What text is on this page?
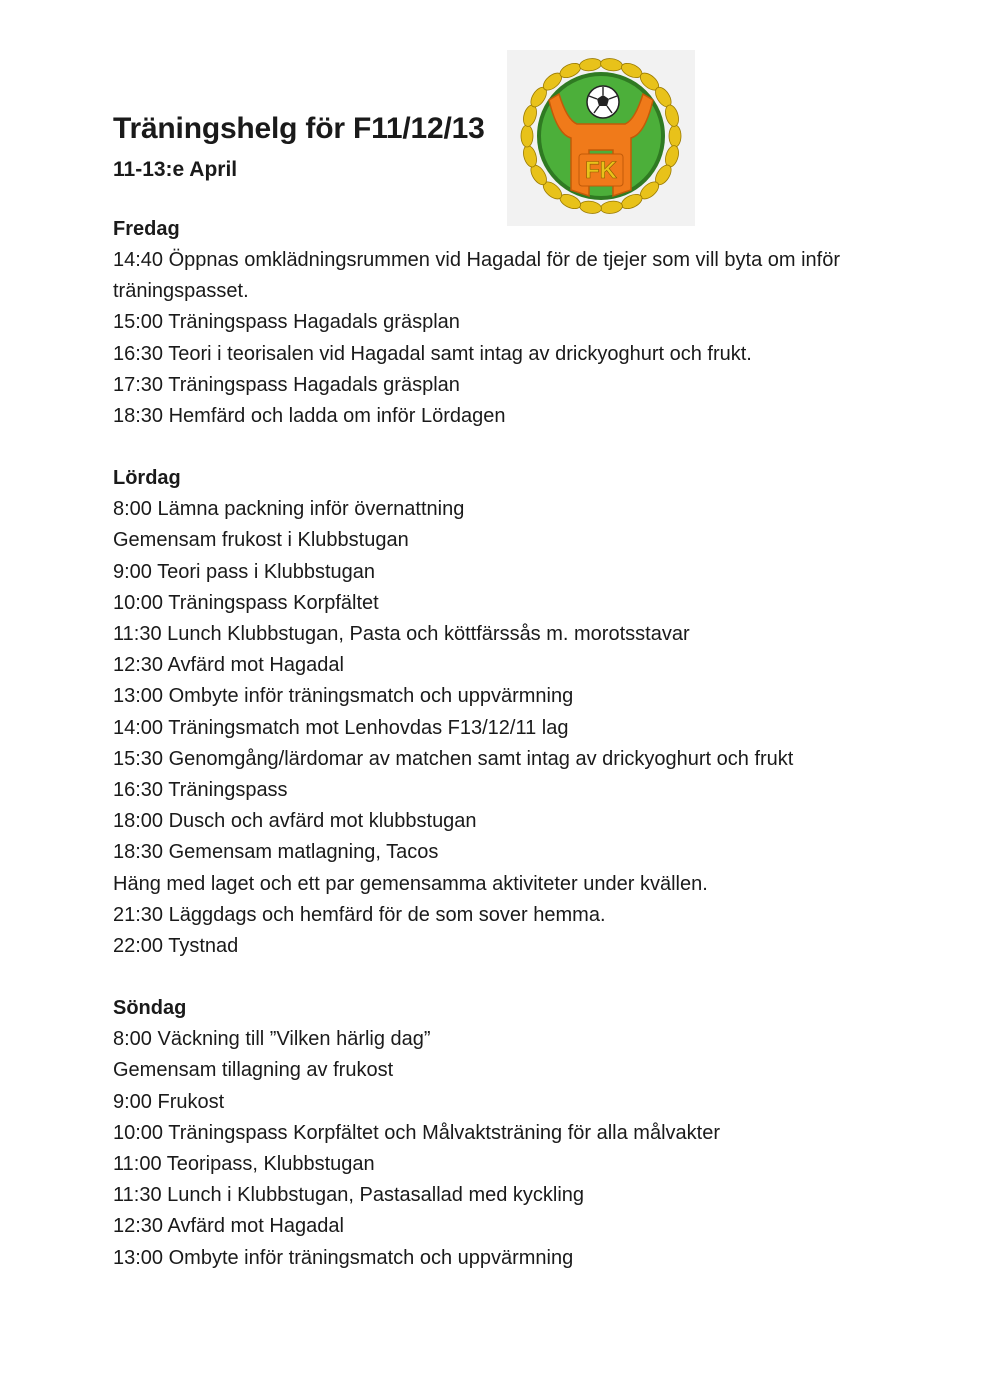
Träningshelg för F11/12/13
11-13:e April	FK
Fredag
14:40 Öppnas omklädningsrummen vid Hagadal för de tjejer som vill byta om inför träningspasset.
15:00 Träningspass Hagadals gräsplan
16:30 Teori i teorisalen vid Hagadal samt intag av drickyoghurt och frukt.
17:30 Träningspass Hagadals gräsplan
18:30 Hemfärd och ladda om inför Lördagen
Lördag
8:00 Lämna packning inför övernattning
Gemensam frukost i Klubbstugan
9:00 Teori pass i Klubbstugan
10:00 Träningspass Korpfältet
11:30 Lunch Klubbstugan, Pasta och köttfärssås m. morotsstavar
12:30 Avfärd mot Hagadal
13:00 Ombyte inför träningsmatch och uppvärmning
14:00 Träningsmatch mot Lenhovdas F13/12/11 lag
15:30 Genomgång/lärdomar av matchen samt intag av drickyoghurt och frukt
16:30 Träningspass
18:00 Dusch och avfärd mot klubbstugan
18:30 Gemensam matlagning, Tacos
Häng med laget och ett par gemensamma aktiviteter under kvällen.
21:30 Läggdags och hemfärd för de som sover hemma.
22:00 Tystnad
Söndag
8:00 Väckning till ”Vilken härlig dag”
Gemensam tillagning av frukost
9:00 Frukost
10:00 Träningspass Korpfältet och Målvaktsträning för alla målvakter
11:00 Teoripass, Klubbstugan
11:30 Lunch i Klubbstugan, Pastasallad med kyckling
12:30 Avfärd mot Hagadal
13:00 Ombyte inför träningsmatch och uppvärmning
